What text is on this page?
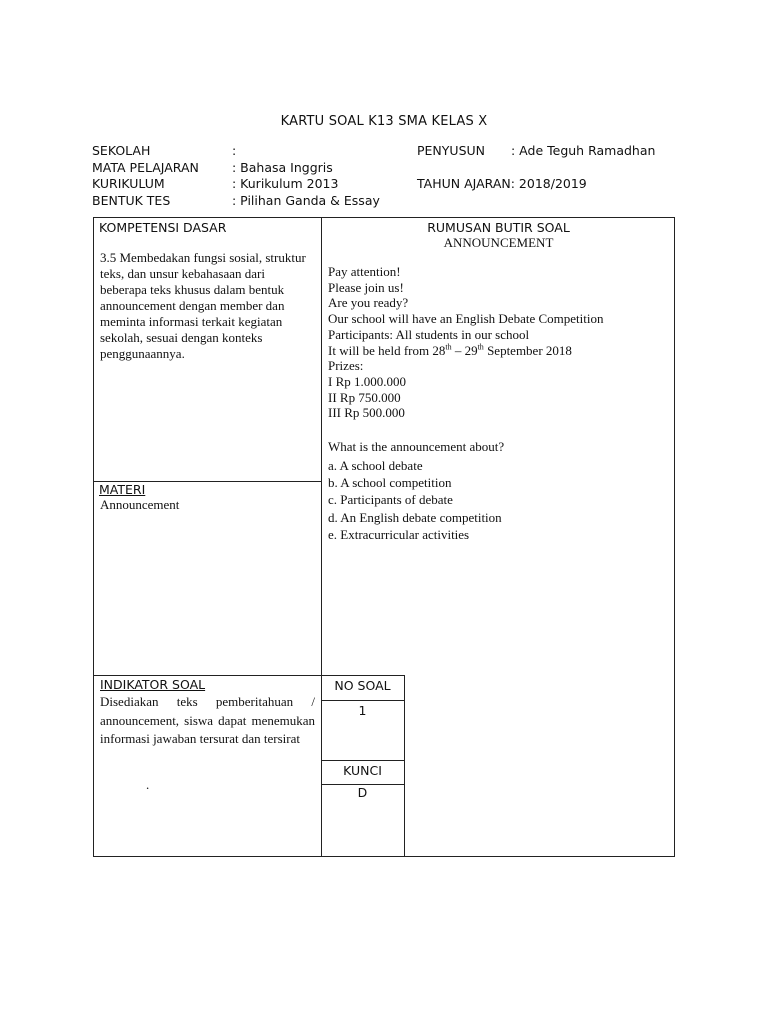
KARTU SOAL K13 SMA KELAS X
SEKOLAH	:
MATA PELAJARAN	: Bahasa Inggris
KURIKULUM	: Kurikulum 2013
BENTUK TES	: Pilihan Ganda & Essay
PENYUSUN	: Ade Teguh Ramadhan
TAHUN AJARAN: 2018/2019
KOMPETENSI DASAR
3.5 Membedakan fungsi sosial, struktur teks, dan unsur kebahasaan dari beberapa teks khusus dalam bentuk announcement dengan member dan meminta informasi terkait kegiatan sekolah, sesuai dengan konteks penggunaannya.
MATERI
Announcement
RUMUSAN BUTIR SOAL
ANNOUNCEMENT

Pay attention!

Please join us!

Are you ready?

Our school will have an English Debate Competition

Participants: All students in our school

It will be held from 28th – 29th September 2018

Prizes:

I Rp 1.000.000

II Rp 750.000

III Rp 500.000

What is the announcement about?

a. A school debate

b. A school competition

c. Participants of debate

d. An English debate competition

e. Extracurricular activities

INDIKATOR SOAL
Disediakan teks pemberitahuan / announcement, siswa dapat menemukan informasi jawaban tersurat dan tersirat
.
NO SOAL
1
KUNCI
D
